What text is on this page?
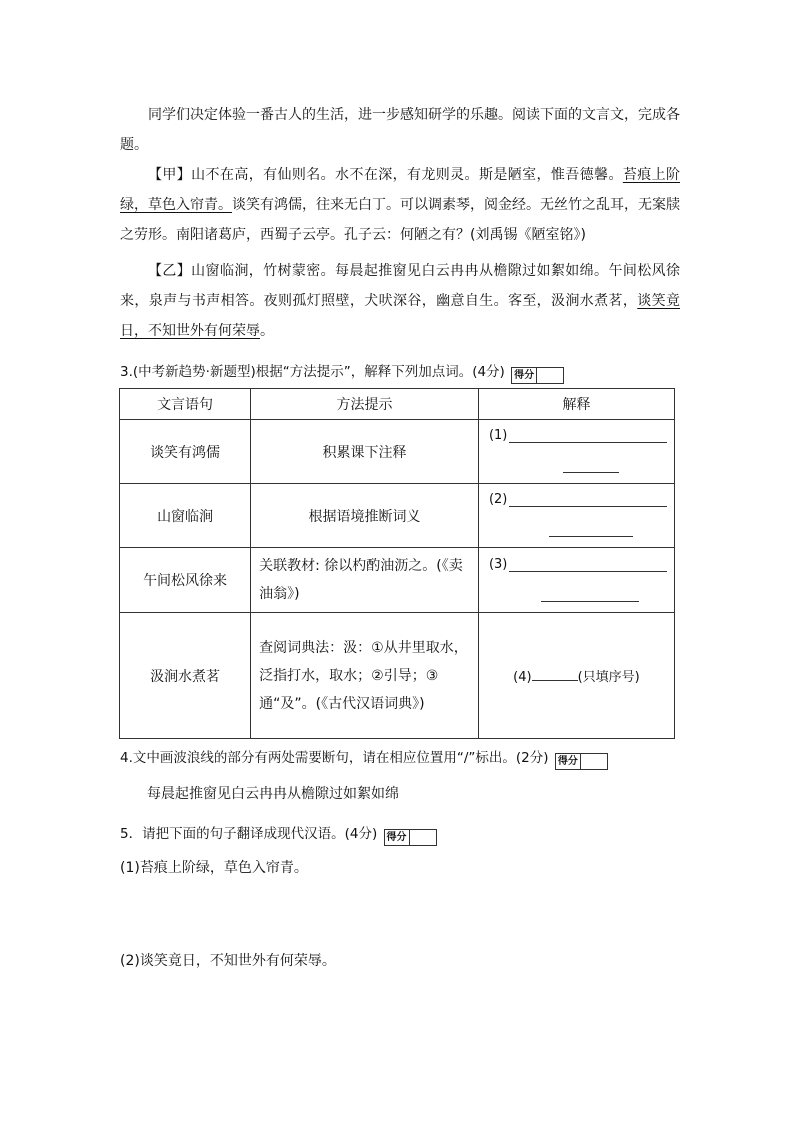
同学们决定体验一番古人的生活，进一步感知研学的乐趣。阅读下面的文言文，完成各题。
【甲】山不在高，有仙则名。水不在深，有龙则灵。斯是陋室，惟吾德馨。苔痕上阶绿，草色入帘青。谈笑有鸿儒，往来无白丁。可以调素琴，阅金经。无丝竹之乱耳，无案牍之劳形。南阳诸葛庐，西蜀子云亭。孔子云：何陋之有？(刘禹锡《陋室铭》)
【乙】山窗临涧，竹树蒙密。每晨起推窗见白云冉冉从檐隙过如絮如绵。午间松风徐来，泉声与书声相答。夜则孤灯照壁，犬吠深谷，幽意自生。客至，汲涧水煮茗，谈笑竟日，不知世外有何荣辱。
3.(中考新趋势·新题型)根据“方法提示”，解释下列加点词。(4分) 得分
文言语句	方法提示	解释
谈笑有鸿儒	积累课下注释	(1)

山窗临涧	根据语境推断词义	(2)

午间松风徐来	关联教材: 徐以杓酌油沥之。(《卖油翁》)	(3)

汲涧水煮茗	查阅词典法：汲：①从井里取水，泛指打水，取水；②引导；③通“及”。(《古代汉语词典》)	(4) (只填序号)
4.文中画波浪线的部分有两处需要断句，请在相应位置用“/”标出。(2分) 得分
每晨起推窗见白云冉冉从檐隙过如絮如绵
5．请把下面的句子翻译成现代汉语。(4分) 得分
(1)苔痕上阶绿，草色入帘青。
(2)谈笑竟日，不知世外有何荣辱。
